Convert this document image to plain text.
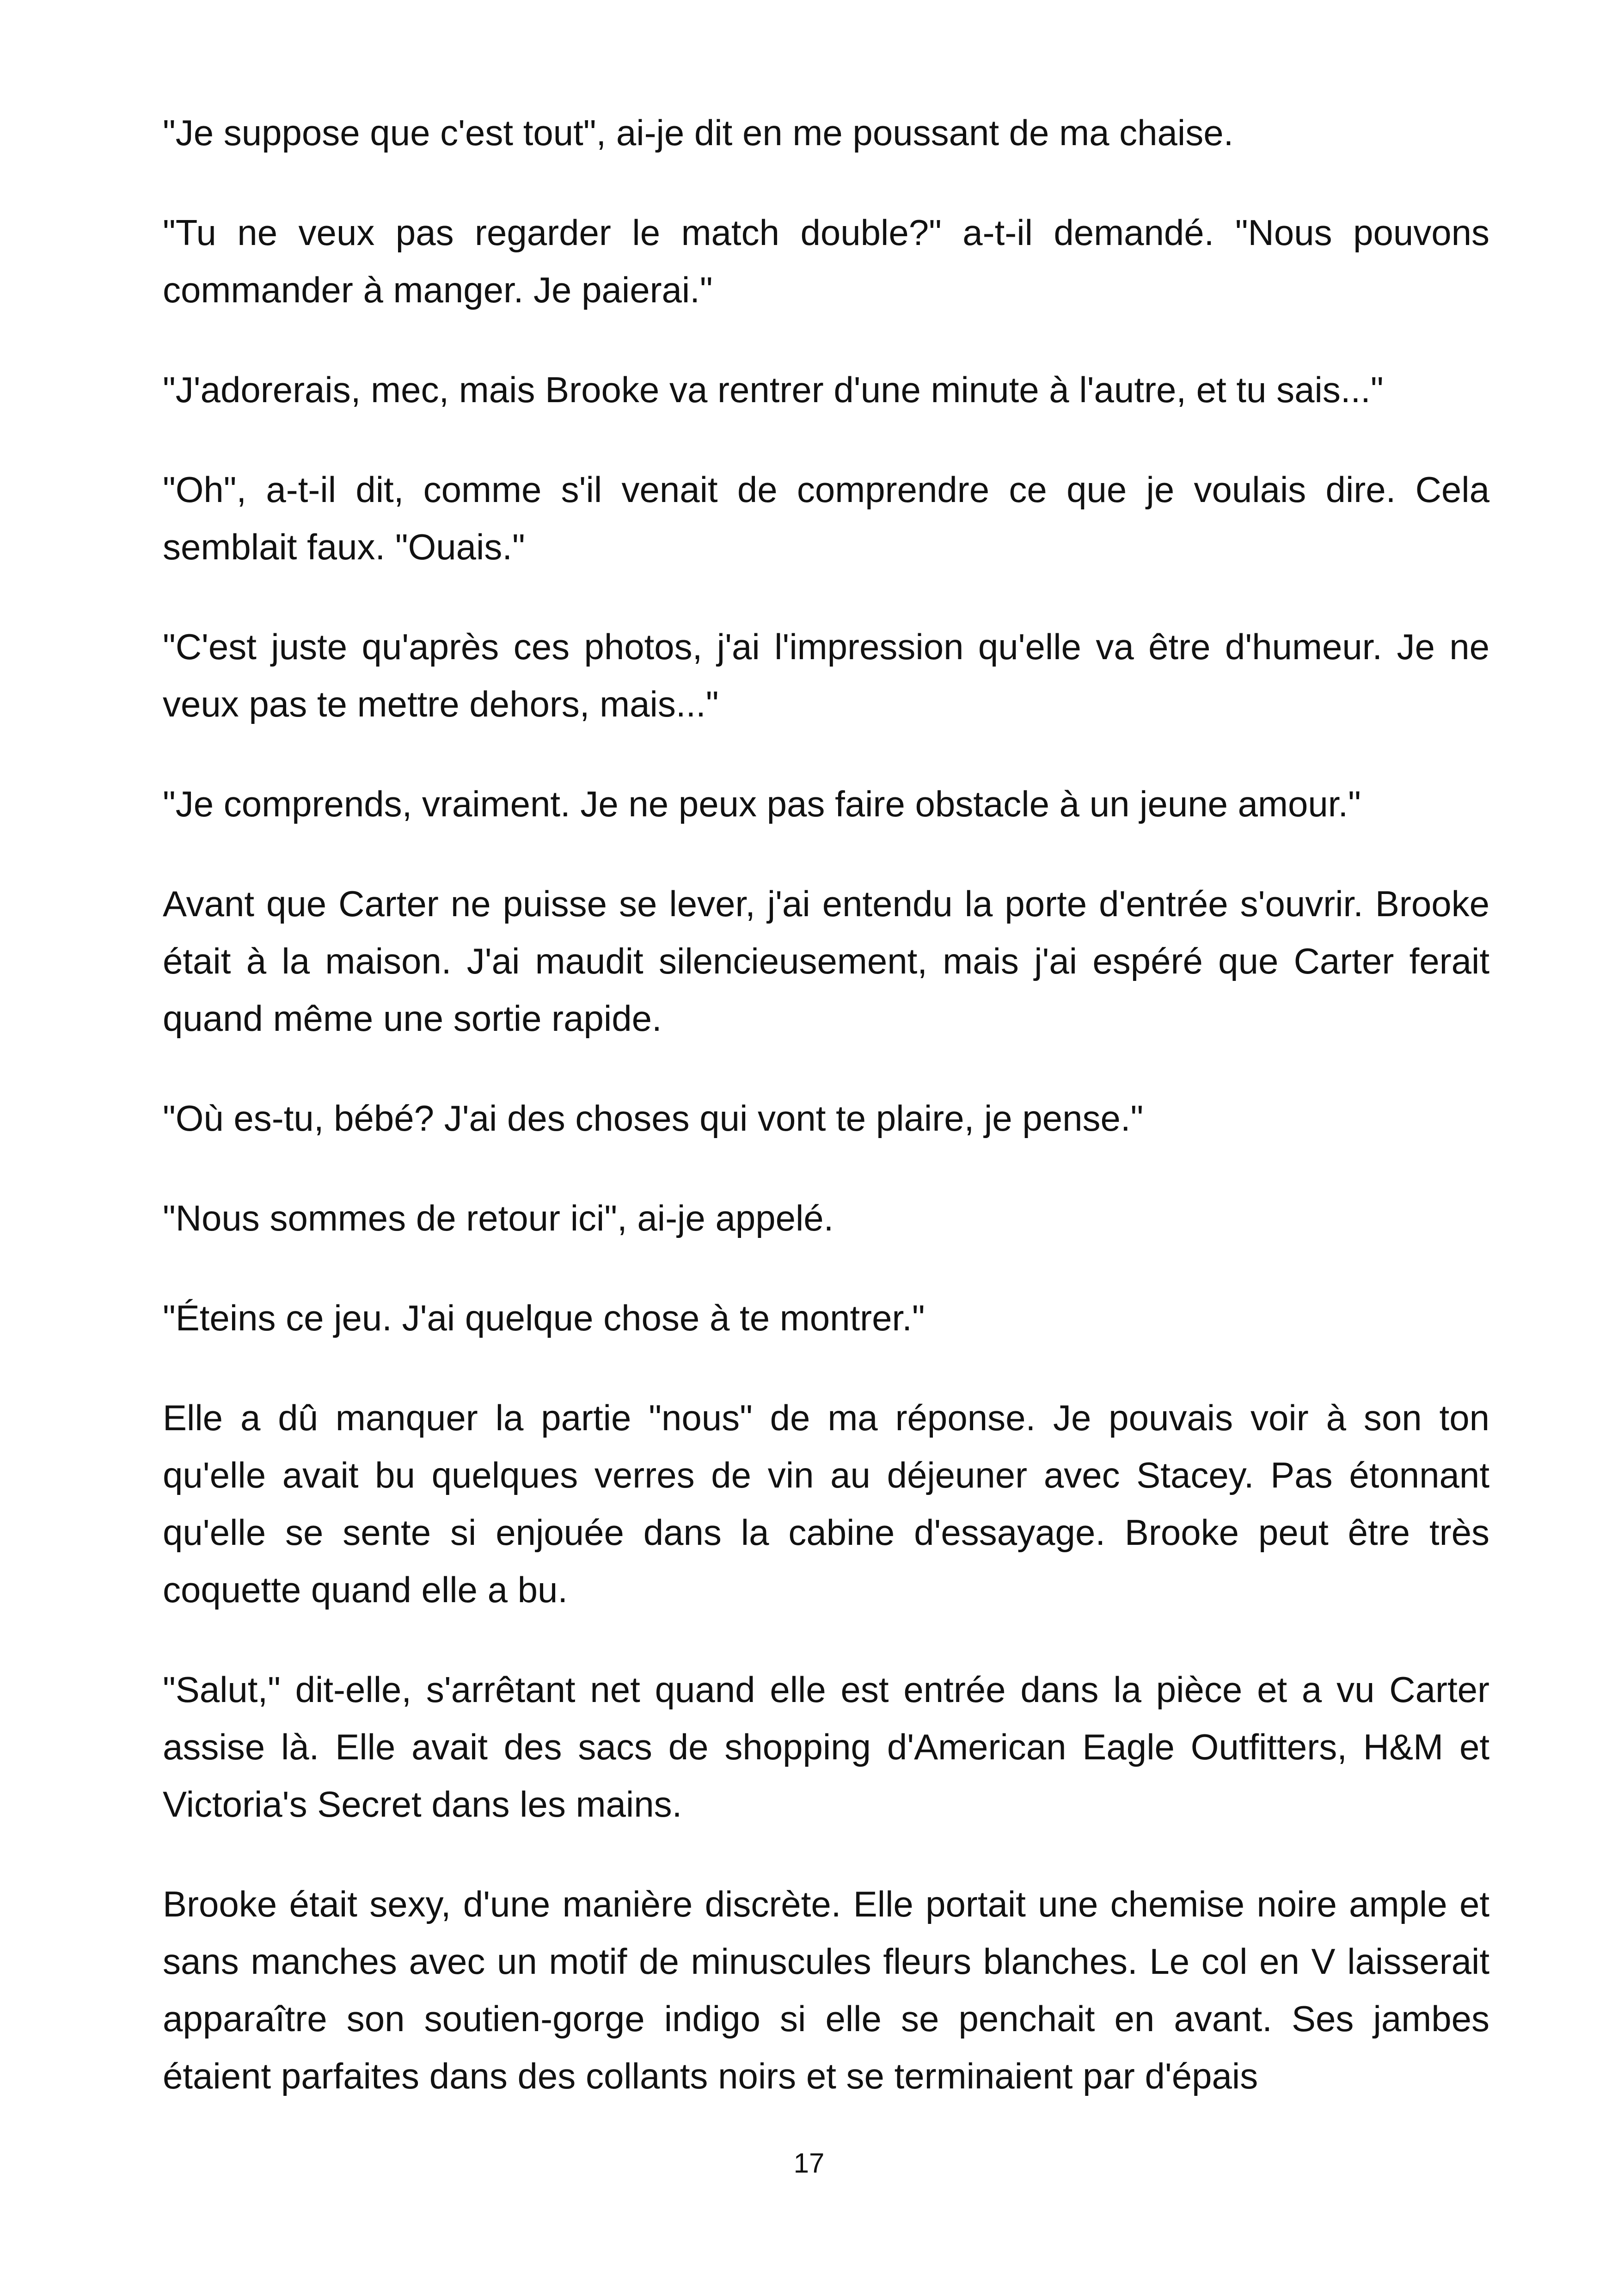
"Je suppose que c'est tout", ai-je dit en me poussant de ma chaise.

"Tu ne veux pas regarder le match double?" a-t-il demandé. "Nous pouvons commander à manger. Je paierai."

"J'adorerais, mec, mais Brooke va rentrer d'une minute à l'autre, et tu sais..."

"Oh", a-t-il dit, comme s'il venait de comprendre ce que je voulais dire. Cela semblait faux. "Ouais."

"C'est juste qu'après ces photos, j'ai l'impression qu'elle va être d'humeur. Je ne veux pas te mettre dehors, mais..."

"Je comprends, vraiment. Je ne peux pas faire obstacle à un jeune amour."

Avant que Carter ne puisse se lever, j'ai entendu la porte d'entrée s'ouvrir. Brooke était à la maison. J'ai maudit silencieusement, mais j'ai espéré que Carter ferait quand même une sortie rapide.

"Où es-tu, bébé? J'ai des choses qui vont te plaire, je pense."

"Nous sommes de retour ici", ai-je appelé.

"Éteins ce jeu. J'ai quelque chose à te montrer."

Elle a dû manquer la partie "nous" de ma réponse. Je pouvais voir à son ton qu'elle avait bu quelques verres de vin au déjeuner avec Stacey. Pas étonnant qu'elle se sente si enjouée dans la cabine d'essayage. Brooke peut être très coquette quand elle a bu.

"Salut," dit-elle, s'arrêtant net quand elle est entrée dans la pièce et a vu Carter assise là. Elle avait des sacs de shopping d'American Eagle Outfitters, H&M et Victoria's Secret dans les mains.

Brooke était sexy, d'une manière discrète. Elle portait une chemise noire ample et sans manches avec un motif de minuscules fleurs blanches. Le col en V laisserait apparaître son soutien-gorge indigo si elle se penchait en avant. Ses jambes étaient parfaites dans des collants noirs et se terminaient par d'épais

17
